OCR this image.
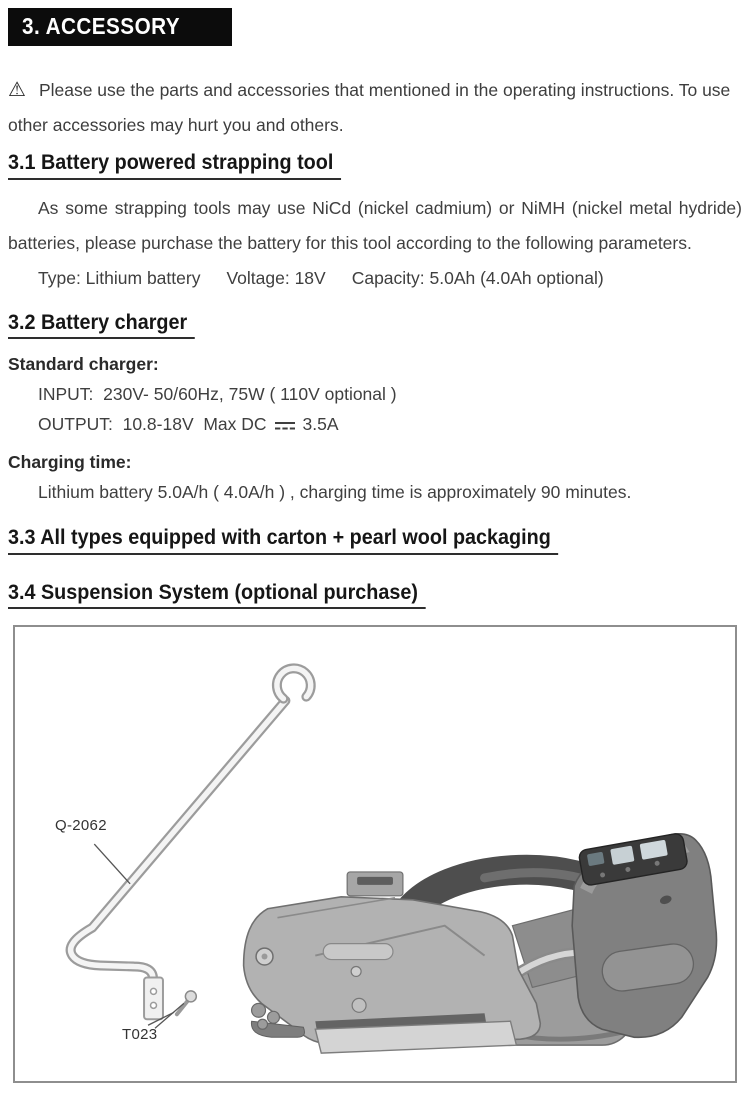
3. ACCESSORY

⚠ Please use the parts and accessories that mentioned in the operating instructions. To use other accessories may hurt you and others.

3.1 Battery powered strapping tool

As some strapping tools may use NiCd (nickel cadmium) or NiMH (nickel metal hydride) batteries, please purchase the battery for this tool according to the following parameters.

Type: Lithium battery Voltage: 18V Capacity: 5.0Ah (4.0Ah optional)

3.2 Battery charger

Standard charger:

INPUT:  230V- 50/60Hz, 75W ( 110V optional )

OUTPUT:  10.8-18V  Max DC 3.5A

Charging time:

Lithium battery 5.0A/h ( 4.0A/h ) , charging time is approximately 90 minutes.

3.3 All types equipped with carton + pearl wool packaging
3.4 Suspension System (optional purchase)
Q-2062
T023
